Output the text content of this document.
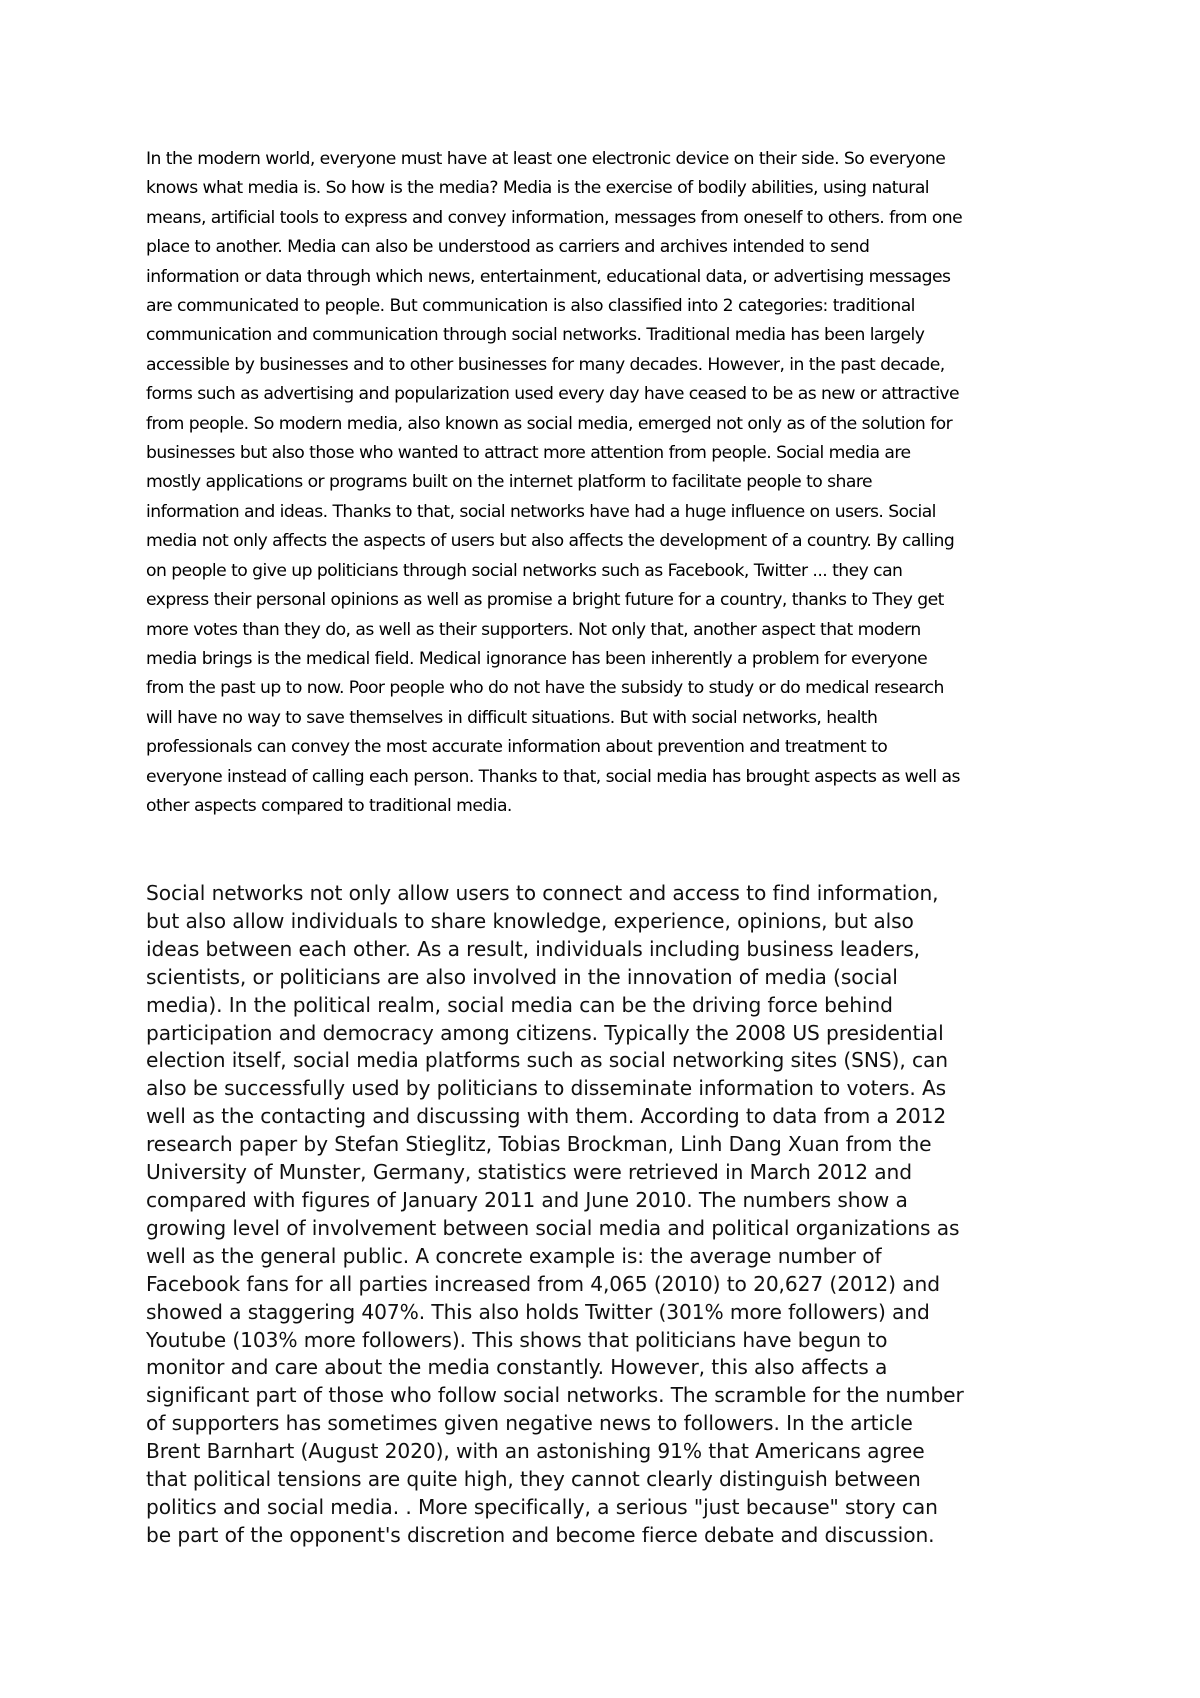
In the modern world, everyone must have at least one electronic device on their side. So everyone
knows what media is. So how is the media? Media is the exercise of bodily abilities, using natural
means, artificial tools to express and convey information, messages from oneself to others. from one
place to another. Media can also be understood as carriers and archives intended to send
information or data through which news, entertainment, educational data, or advertising messages
are communicated to people. But communication is also classified into 2 categories: traditional
communication and communication through social networks. Traditional media has been largely
accessible by businesses and to other businesses for many decades. However, in the past decade,
forms such as advertising and popularization used every day have ceased to be as new or attractive
from people. So modern media, also known as social media, emerged not only as of the solution for
businesses but also those who wanted to attract more attention from people. Social media are
mostly applications or programs built on the internet platform to facilitate people to share
information and ideas. Thanks to that, social networks have had a huge influence on users. Social
media not only affects the aspects of users but also affects the development of a country. By calling
on people to give up politicians through social networks such as Facebook, Twitter ... they can
express their personal opinions as well as promise a bright future for a country, thanks to They get
more votes than they do, as well as their supporters. Not only that, another aspect that modern
media brings is the medical field. Medical ignorance has been inherently a problem for everyone
from the past up to now. Poor people who do not have the subsidy to study or do medical research
will have no way to save themselves in difficult situations. But with social networks, health
professionals can convey the most accurate information about prevention and treatment to
everyone instead of calling each person. Thanks to that, social media has brought aspects as well as
other aspects compared to traditional media.

Social networks not only allow users to connect and access to find information,
but also allow individuals to share knowledge, experience, opinions, but also
ideas between each other. As a result, individuals including business leaders,
scientists, or politicians are also involved in the innovation of media (social
media). In the political realm, social media can be the driving force behind
participation and democracy among citizens. Typically the 2008 US presidential
election itself, social media platforms such as social networking sites (SNS), can
also be successfully used by politicians to disseminate information to voters. As
well as the contacting and discussing with them. According to data from a 2012
research paper by Stefan Stieglitz, Tobias Brockman, Linh Dang Xuan from the
University of Munster, Germany, statistics were retrieved in March 2012 and
compared with figures of January 2011 and June 2010. The numbers show a
growing level of involvement between social media and political organizations as
well as the general public. A concrete example is: the average number of
Facebook fans for all parties increased from 4,065 (2010) to 20,627 (2012) and
showed a staggering 407%. This also holds Twitter (301% more followers) and
Youtube (103% more followers). This shows that politicians have begun to
monitor and care about the media constantly. However, this also affects a
significant part of those who follow social networks. The scramble for the number
of supporters has sometimes given negative news to followers. In the article
Brent Barnhart (August 2020), with an astonishing 91% that Americans agree
that political tensions are quite high, they cannot clearly distinguish between
politics and social media. . More specifically, a serious "just because" story can
be part of the opponent's discretion and become fierce debate and discussion.
